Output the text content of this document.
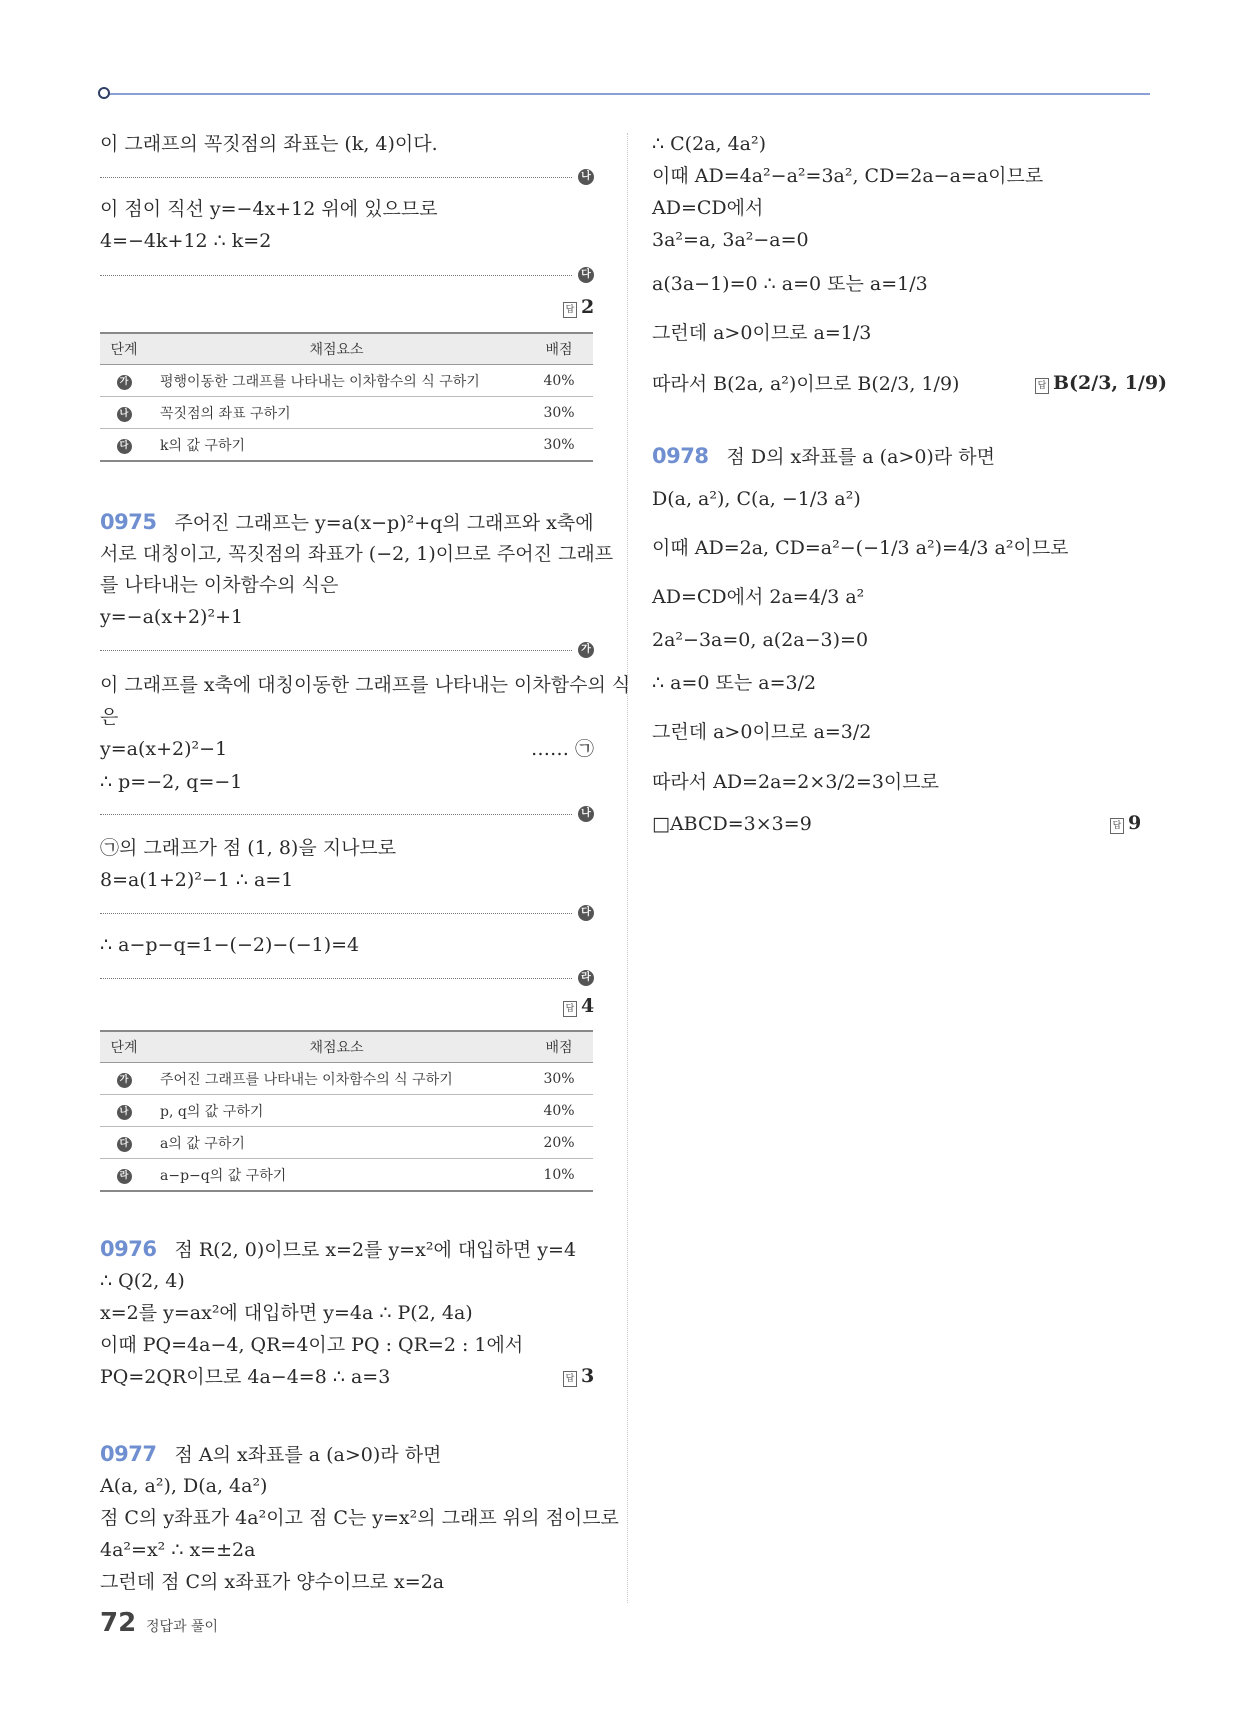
이 그래프의 꼭짓점의 좌표는 (k, 4)이다.
나
이 점이 직선 y=−4x+12 위에 있으므로
4=−4k+12 ∴ k=2
다
답 2
단계	채점요소	배점
가	평행이동한 그래프를 나타내는 이차함수의 식 구하기	40%
나	꼭짓점의 좌표 구하기	30%
다	k의 값 구하기	30%
0975 주어진 그래프는 y=a(x−p)²+q의 그래프와 x축에
서로 대칭이고, 꼭짓점의 좌표가 (−2, 1)이므로 주어진 그래프
를 나타내는 이차함수의 식은
y=−a(x+2)²+1
가
이 그래프를 x축에 대칭이동한 그래프를 나타내는 이차함수의 식
은
y=a(x+2)²−1	…… ㉠
∴ p=−2, q=−1
나
㉠의 그래프가 점 (1, 8)을 지나므로
8=a(1+2)²−1 ∴ a=1
다
∴ a−p−q=1−(−2)−(−1)=4
라
답 4
단계	채점요소	배점
가	주어진 그래프를 나타내는 이차함수의 식 구하기	30%
나	p, q의 값 구하기	40%
다	a의 값 구하기	20%
라	a−p−q의 값 구하기	10%
0976 점 R(2, 0)이므로 x=2를 y=x²에 대입하면 y=4
∴ Q(2, 4)
x=2를 y=ax²에 대입하면 y=4a ∴ P(2, 4a)
이때 PQ=4a−4, QR=4이고 PQ : QR=2 : 1에서
PQ=2QR이므로 4a−4=8 ∴ a=3	답 3
0977 점 A의 x좌표를 a (a>0)라 하면
A(a, a²), D(a, 4a²)
점 C의 y좌표가 4a²이고 점 C는 y=x²의 그래프 위의 점이므로
4a²=x² ∴ x=±2a
그런데 점 C의 x좌표가 양수이므로 x=2a
∴ C(2a, 4a²)
이때 AD=4a²−a²=3a², CD=2a−a=a이므로
AD=CD에서
3a²=a, 3a²−a=0
a(3a−1)=0 ∴ a=0 또는 a=1/3
그런데 a>0이므로 a=1/3
따라서 B(2a, a²)이므로 B(2/3, 1/9)	답 B(2/3, 1/9)
0978 점 D의 x좌표를 a (a>0)라 하면
D(a, a²), C(a, −1/3 a²)
이때 AD=2a, CD=a²−(−1/3 a²)=4/3 a²이므로
AD=CD에서 2a=4/3 a²
2a²−3a=0, a(2a−3)=0
∴ a=0 또는 a=3/2
그런데 a>0이므로 a=3/2
따라서 AD=2a=2×3/2=3이므로
□ABCD=3×3=9	답 9
72 정답과 풀이
